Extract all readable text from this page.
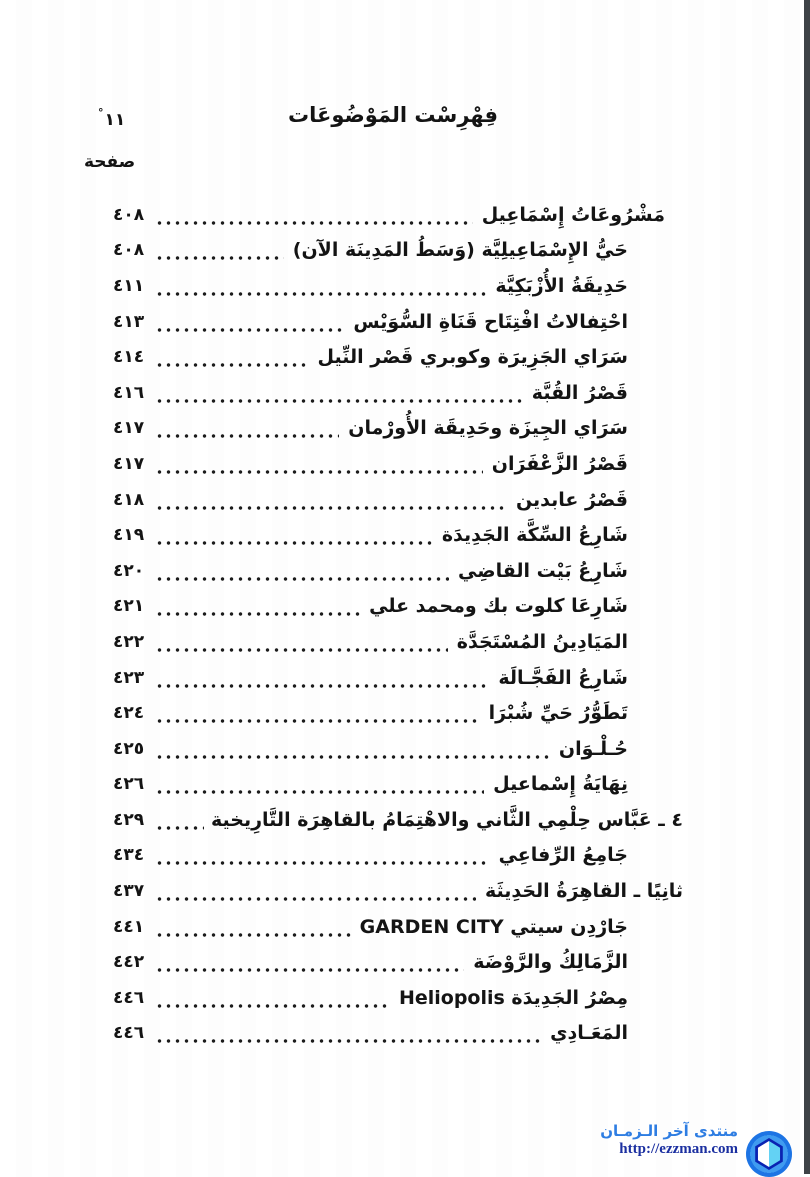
°١١	فِهْرِسْت المَوْضُوعَات
صفحة
٤٠٨	مَشْرُوعَاتُ إِسْمَاعِيل
٤٠٨	حَيُّ الإِسْمَاعِيلِيَّة (وَسَطُ المَدِينَة الآن)
٤١١	حَدِيقَةُ الأُزْبَكِيَّة
٤١٣	احْتِفالاتُ افْتِتَاح قَنَاةِ السُّوَيْس
٤١٤	سَرَاي الجَزِيرَة وكوبري قَصْر النِّيل
٤١٦	قَصْرُ القُبَّة
٤١٧	سَرَاي الجِيزَة وحَدِيقَة الأُورْمان
٤١٧	قَصْرُ الزَّعْفَرَان
٤١٨	قَصْرُ عابدين
٤١٩	شَارِعُ السِّكَّة الجَدِيدَة
٤٢٠	شَارِعُ بَيْت القاضِي
٤٢١	شَارِعَا كلوت بك ومحمد علي
٤٢٢	المَيَادِينُ المُسْتَجَدَّة
٤٢٣	شَارِعُ الفَجَّـالَة
٤٢٤	تَطَوُّرُ حَيِّ شُبْرَا
٤٢٥	حُـلْـوَان
٤٢٦	نِهَايَةُ إِسْماعيل
٤٢٩	٤ ـ عَبَّاس حِلْمِي الثَّاني والاهْتِمَامُ بالقاهِرَة التَّارِيخية
٤٣٤	جَامِعُ الرِّفاعِي
٤٣٧	ثانِيًا ـ القاهِرَةُ الحَدِيثَة
٤٤١	جَارْدِن سيتي GARDEN CITY
٤٤٢	الزَّمَالِكُ والرَّوْضَة
٤٤٦	مِصْرُ الجَدِيدَة Heliopolis
٤٤٦	المَعَـادِي
منتدى آخر الـزمـان
http://ezzman.com
